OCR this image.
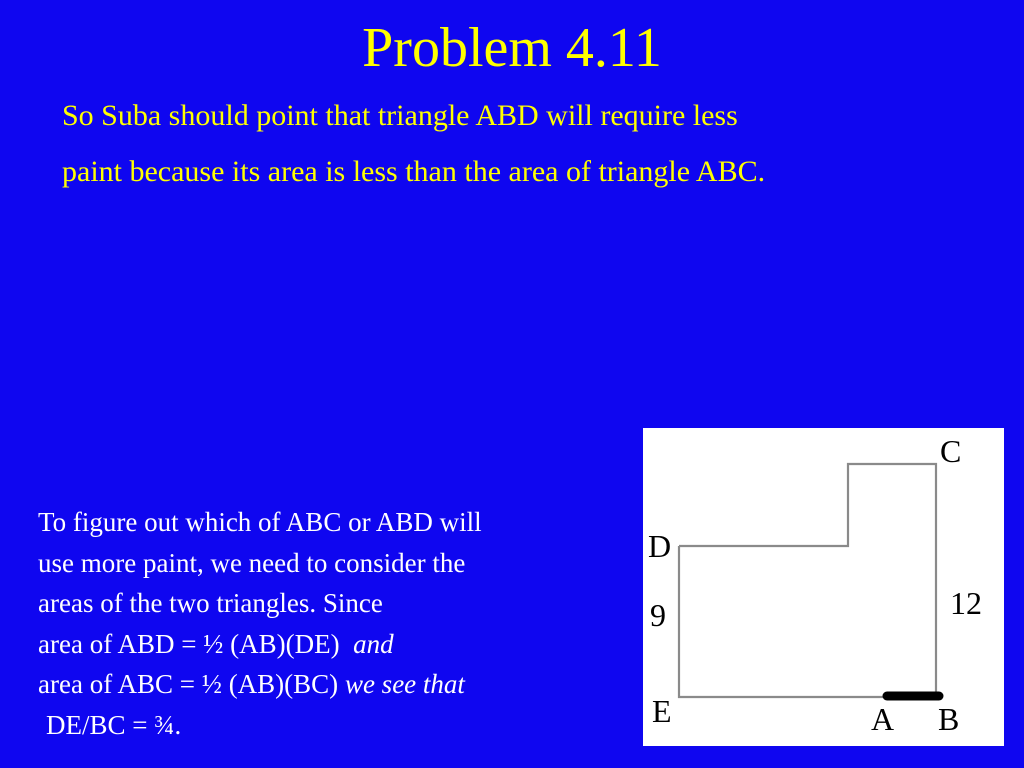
Problem 4.11
So Suba should point that triangle ABD will require less
paint because its area is less than the area of triangle ABC.
To figure out which of ABC or ABD will
use more paint, we need to consider the
areas of the two triangles. Since
area of ABD = ½ (AB)(DE) and
area of ABC = ½ (AB)(BC) we see that
DE/BC = ¾.
C
D
9	12
E	A B
